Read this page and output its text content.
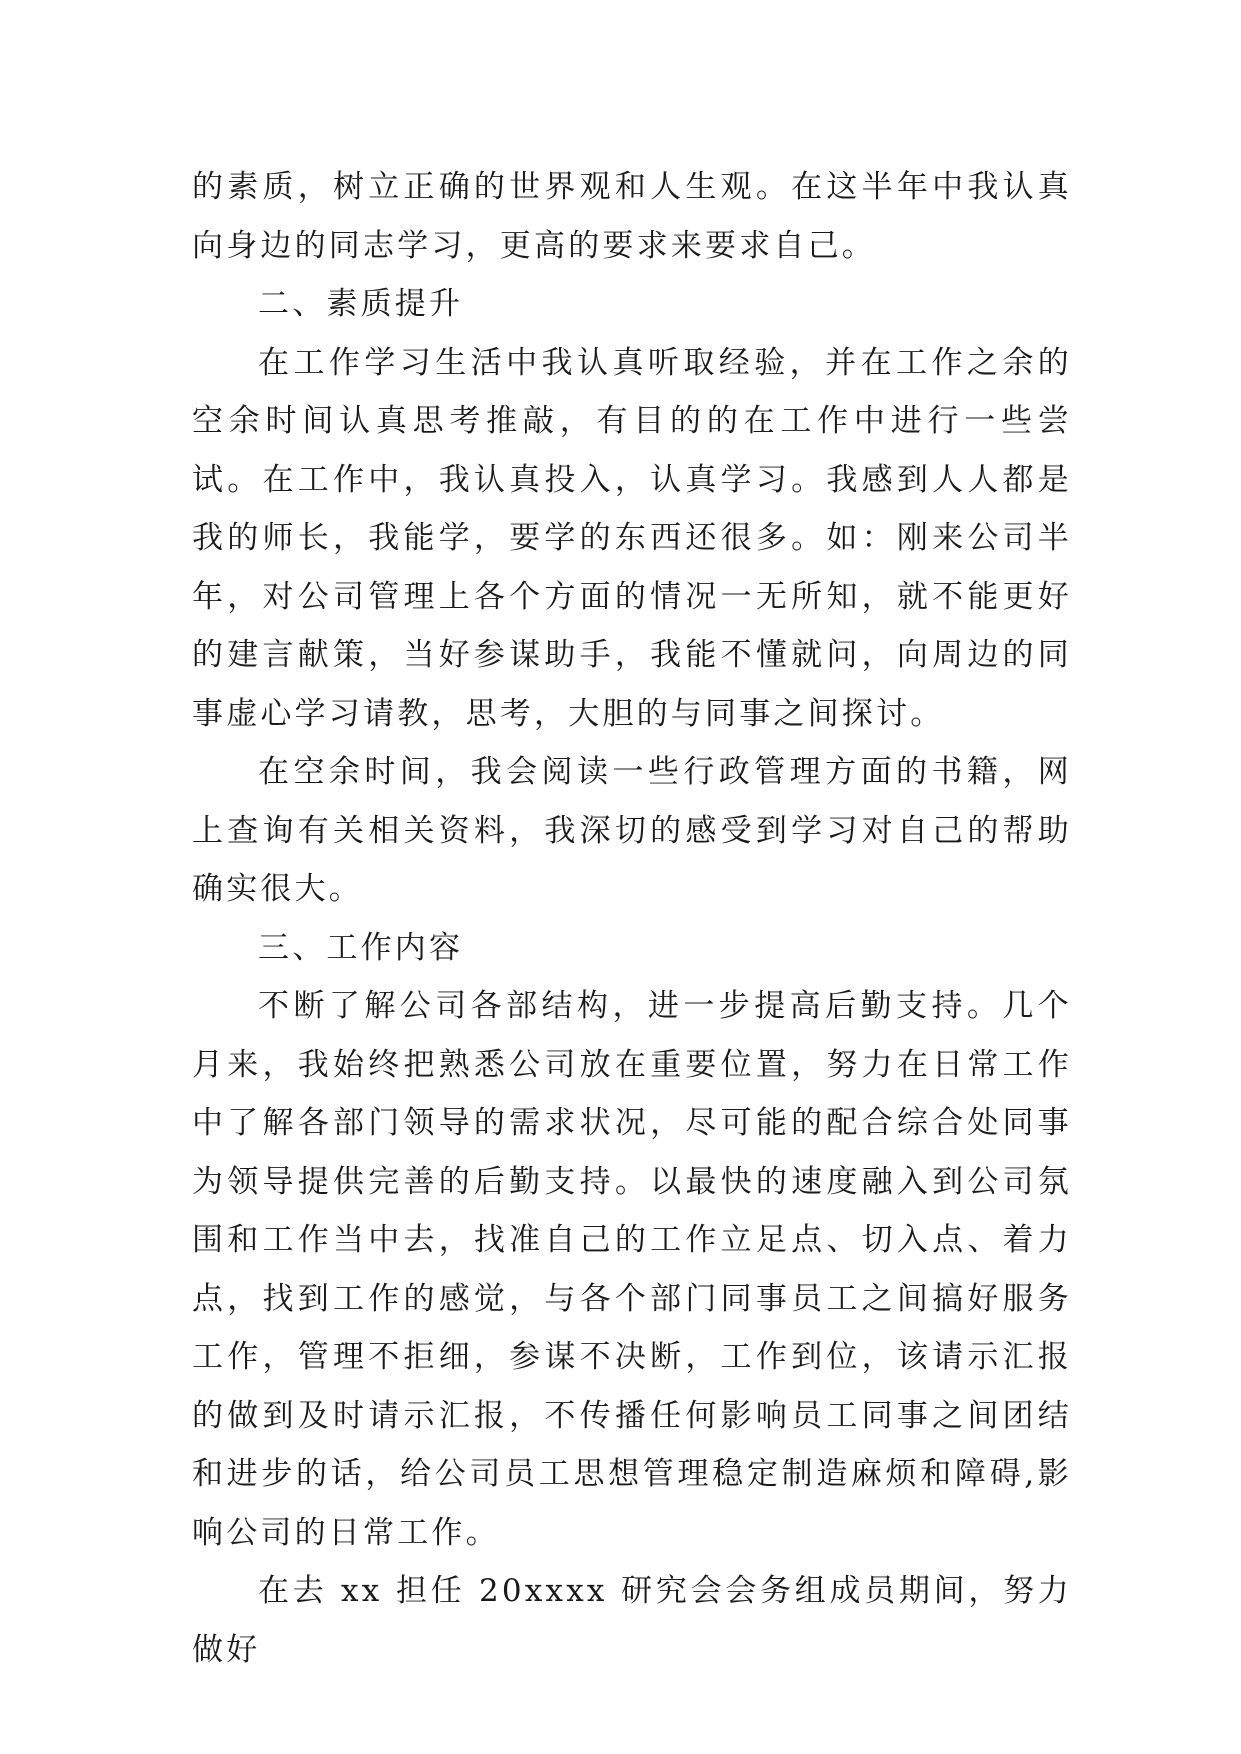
的素质，树立正确的世界观和人生观。在这半年中我认真向身边的同志学习，更高的要求来要求自己。

二、素质提升

在工作学习生活中我认真听取经验，并在工作之余的空余时间认真思考推敲，有目的的在工作中进行一些尝试。在工作中，我认真投入，认真学习。我感到人人都是我的师长，我能学，要学的东西还很多。如：刚来公司半年，对公司管理上各个方面的情况一无所知，就不能更好的建言献策，当好参谋助手，我能不懂就问，向周边的同事虚心学习请教，思考，大胆的与同事之间探讨。

在空余时间，我会阅读一些行政管理方面的书籍，网上查询有关相关资料，我深切的感受到学习对自己的帮助确实很大。

三、工作内容

不断了解公司各部结构，进一步提高后勤支持。几个月来，我始终把熟悉公司放在重要位置，努力在日常工作中了解各部门领导的需求状况，尽可能的配合综合处同事为领导提供完善的后勤支持。以最快的速度融入到公司氛围和工作当中去，找准自己的工作立足点、切入点、着力点，找到工作的感觉，与各个部门同事员工之间搞好服务工作，管理不拒细，参谋不决断，工作到位，该请示汇报的做到及时请示汇报，不传播任何影响员工同事之间团结和进步的话，给公司员工思想管理稳定制造麻烦和障碍,影响公司的日常工作。

在去 xx 担任 20xxxx 研究会会务组成员期间，努力做好
